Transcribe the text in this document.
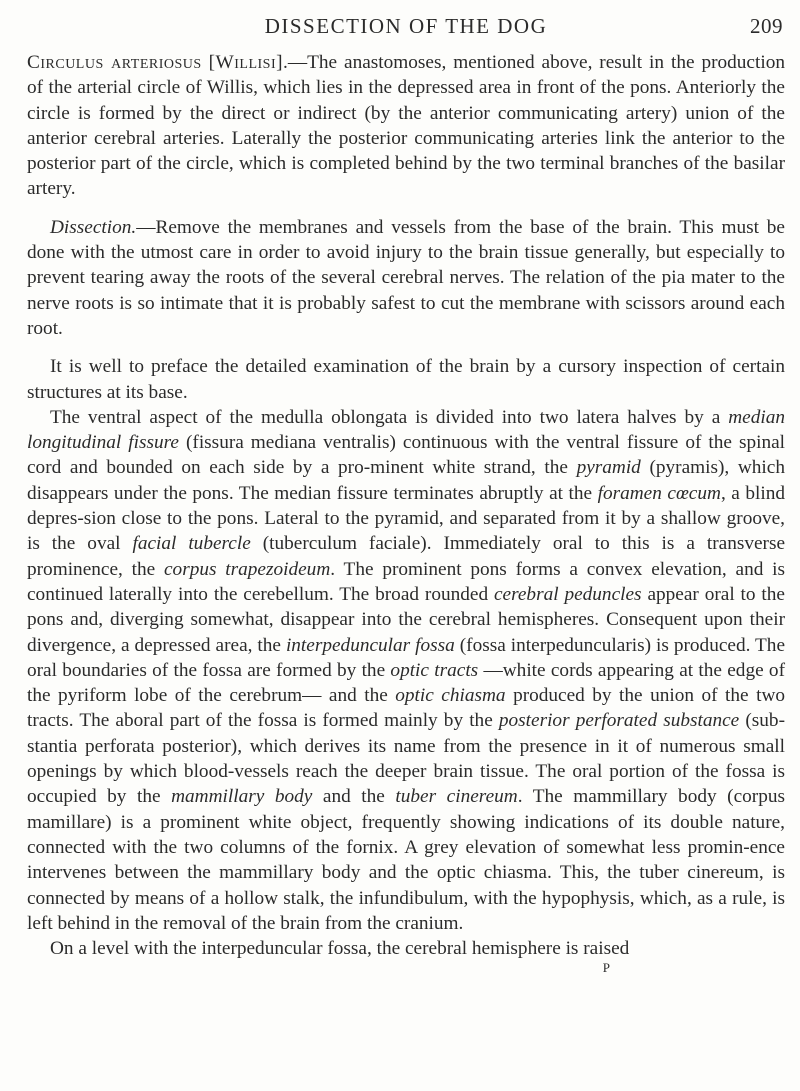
DISSECTION OF THE DOG	209

Circulus arteriosus [Willisi].—The anastomoses, mentioned above, result in the production of the arterial circle of Willis, which lies in the depressed area in front of the pons. Anteriorly the circle is formed by the direct or indirect (by the anterior communicating artery) union of the anterior cerebral arteries. Laterally the posterior communicating arteries link the anterior to the posterior part of the circle, which is completed behind by the two terminal branches of the basilar artery.

Dissection.—Remove the membranes and vessels from the base of the brain. This must be done with the utmost care in order to avoid injury to the brain tissue generally, but especially to prevent tearing away the roots of the several cerebral nerves. The relation of the pia mater to the nerve roots is so intimate that it is probably safest to cut the membrane with scissors around each root.

It is well to preface the detailed examination of the brain by a cursory inspection of certain structures at its base.

The ventral aspect of the medulla oblongata is divided into two latera halves by a median longitudinal fissure (fissura mediana ventralis) continuous with the ventral fissure of the spinal cord and bounded on each side by a pro-minent white strand, the pyramid (pyramis), which disappears under the pons. The median fissure terminates abruptly at the foramen cœcum, a blind depres-sion close to the pons. Lateral to the pyramid, and separated from it by a shallow groove, is the oval facial tubercle (tuberculum faciale). Immediately oral to this is a transverse prominence, the corpus trapezoideum. The prominent pons forms a convex elevation, and is continued laterally into the cerebellum. The broad rounded cerebral peduncles appear oral to the pons and, diverging somewhat, disappear into the cerebral hemispheres. Consequent upon their divergence, a depressed area, the interpeduncular fossa (fossa interpeduncularis) is produced. The oral boundaries of the fossa are formed by the optic tracts —white cords appearing at the edge of the pyriform lobe of the cerebrum— and the optic chiasma produced by the union of the two tracts. The aboral part of the fossa is formed mainly by the posterior perforated substance (sub-stantia perforata posterior), which derives its name from the presence in it of numerous small openings by which blood-vessels reach the deeper brain tissue. The oral portion of the fossa is occupied by the mammillary body and the tuber cinereum. The mammillary body (corpus mamillare) is a prominent white object, frequently showing indications of its double nature, connected with the two columns of the fornix. A grey elevation of somewhat less promin-ence intervenes between the mammillary body and the optic chiasma. This, the tuber cinereum, is connected by means of a hollow stalk, the infundibulum, with the hypophysis, which, as a rule, is left behind in the removal of the brain from the cranium.

On a level with the interpeduncular fossa, the cerebral hemisphere is raised

P
